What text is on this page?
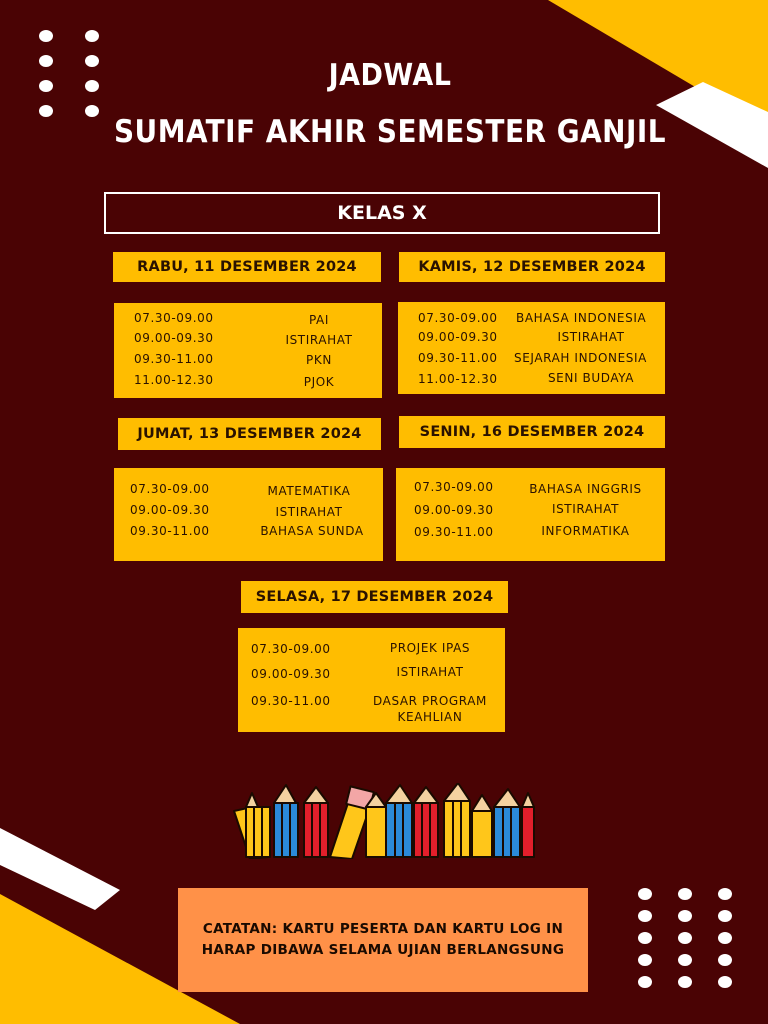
JADWAL
SUMATIF AKHIR SEMESTER GANJIL
KELAS X
RABU, 11 DESEMBER 2024
07.30-09.00	PAI
09.00-09.30	ISTIRAHAT
09.30-11.00	PKN
11.00-12.30	PJOK
KAMIS, 12 DESEMBER 2024
07.30-09.00 BAHASA INDONESIA
09.00-09.30	ISTIRAHAT
09.30-11.00 SEJARAH INDONESIA
11.00-12.30	SENI BUDAYA
JUMAT, 13 DESEMBER 2024
07.30-09.00	MATEMATIKA
09.00-09.30	ISTIRAHAT
09.30-11.00	BAHASA SUNDA
SENIN, 16 DESEMBER 2024
07.30-09.00	BAHASA INGGRIS
09.00-09.30	ISTIRAHAT
09.30-11.00	INFORMATIKA
SELASA, 17 DESEMBER 2024
07.30-09.00	PROJEK IPAS
09.00-09.30	ISTIRAHAT
09.30-11.00	DASAR PROGRAM
KEAHLIAN
CATATAN: KARTU PESERTA DAN KARTU LOG IN HARAP DIBAWA SELAMA UJIAN BERLANGSUNG
